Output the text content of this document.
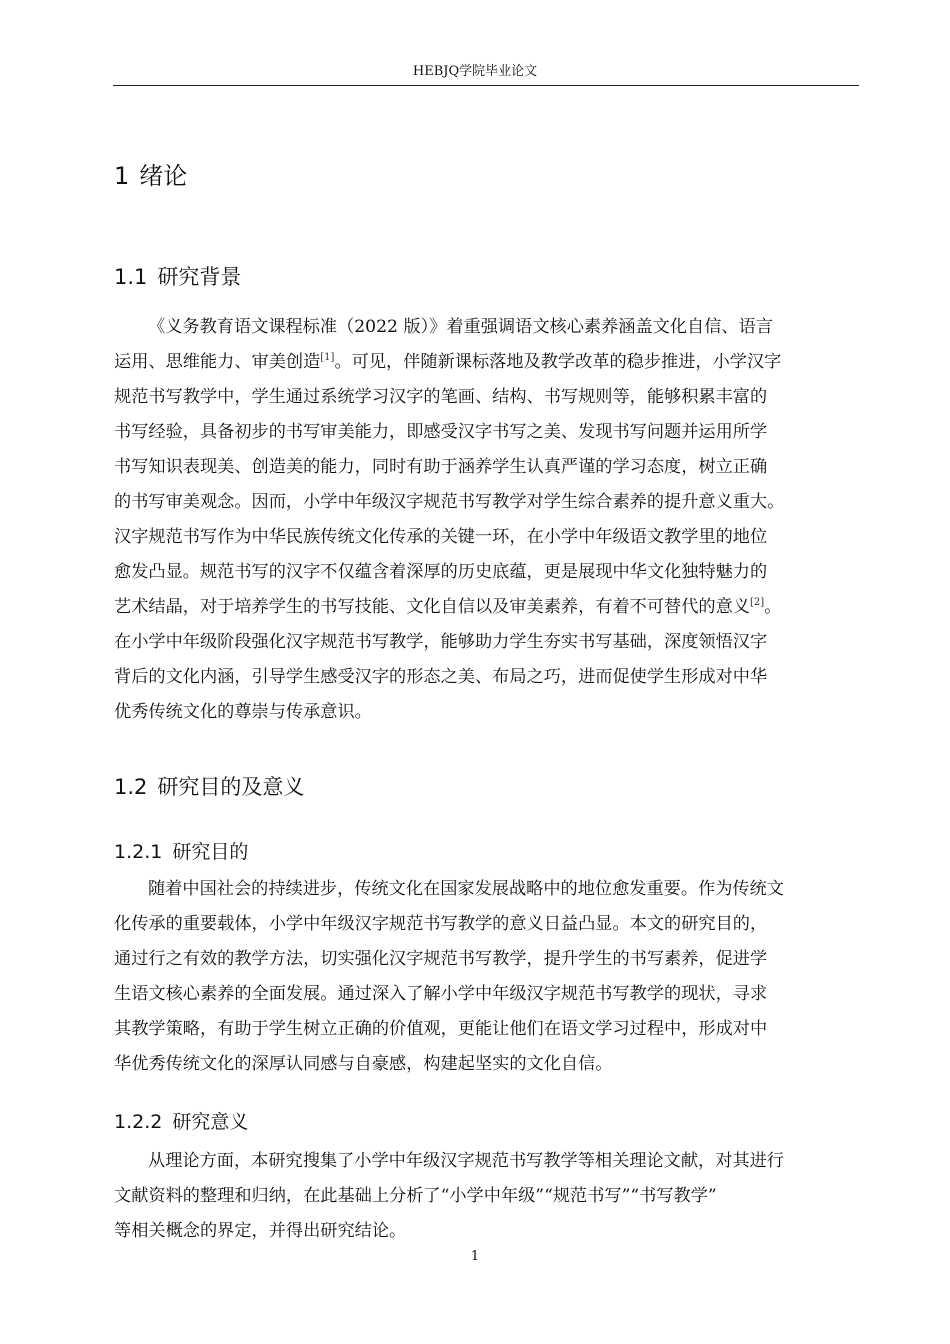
HEBJQ学院毕业论文
1 绪论
1.1 研究背景
《义务教育语文课程标准（2022 版）》着重强调语文核心素养涵盖文化自信、语言
运用、思维能力、审美创造[1]。可见，伴随新课标落地及教学改革的稳步推进，小学汉字
规范书写教学中，学生通过系统学习汉字的笔画、结构、书写规则等，能够积累丰富的
书写经验，具备初步的书写审美能力，即感受汉字书写之美、发现书写问题并运用所学
书写知识表现美、创造美的能力，同时有助于涵养学生认真严谨的学习态度，树立正确
的书写审美观念。因而，小学中年级汉字规范书写教学对学生综合素养的提升意义重大。
汉字规范书写作为中华民族传统文化传承的关键一环，在小学中年级语文教学里的地位
愈发凸显。规范书写的汉字不仅蕴含着深厚的历史底蕴，更是展现中华文化独特魅力的
艺术结晶，对于培养学生的书写技能、文化自信以及审美素养，有着不可替代的意义[2]。
在小学中年级阶段强化汉字规范书写教学，能够助力学生夯实书写基础，深度领悟汉字
背后的文化内涵，引导学生感受汉字的形态之美、布局之巧，进而促使学生形成对中华
优秀传统文化的尊崇与传承意识。
1.2 研究目的及意义
1.2.1 研究目的
随着中国社会的持续进步，传统文化在国家发展战略中的地位愈发重要。作为传统文
化传承的重要载体，小学中年级汉字规范书写教学的意义日益凸显。本文的研究目的，
通过行之有效的教学方法，切实强化汉字规范书写教学，提升学生的书写素养，促进学
生语文核心素养的全面发展。通过深入了解小学中年级汉字规范书写教学的现状，寻求
其教学策略，有助于学生树立正确的价值观，更能让他们在语文学习过程中，形成对中
华优秀传统文化的深厚认同感与自豪感，构建起坚实的文化自信。
1.2.2 研究意义
从理论方面，本研究搜集了小学中年级汉字规范书写教学等相关理论文献，对其进行
文献资料的整理和归纳，在此基础上分析了“小学中年级”“规范书写”“书写教学”
等相关概念的界定，并得出研究结论。
1
